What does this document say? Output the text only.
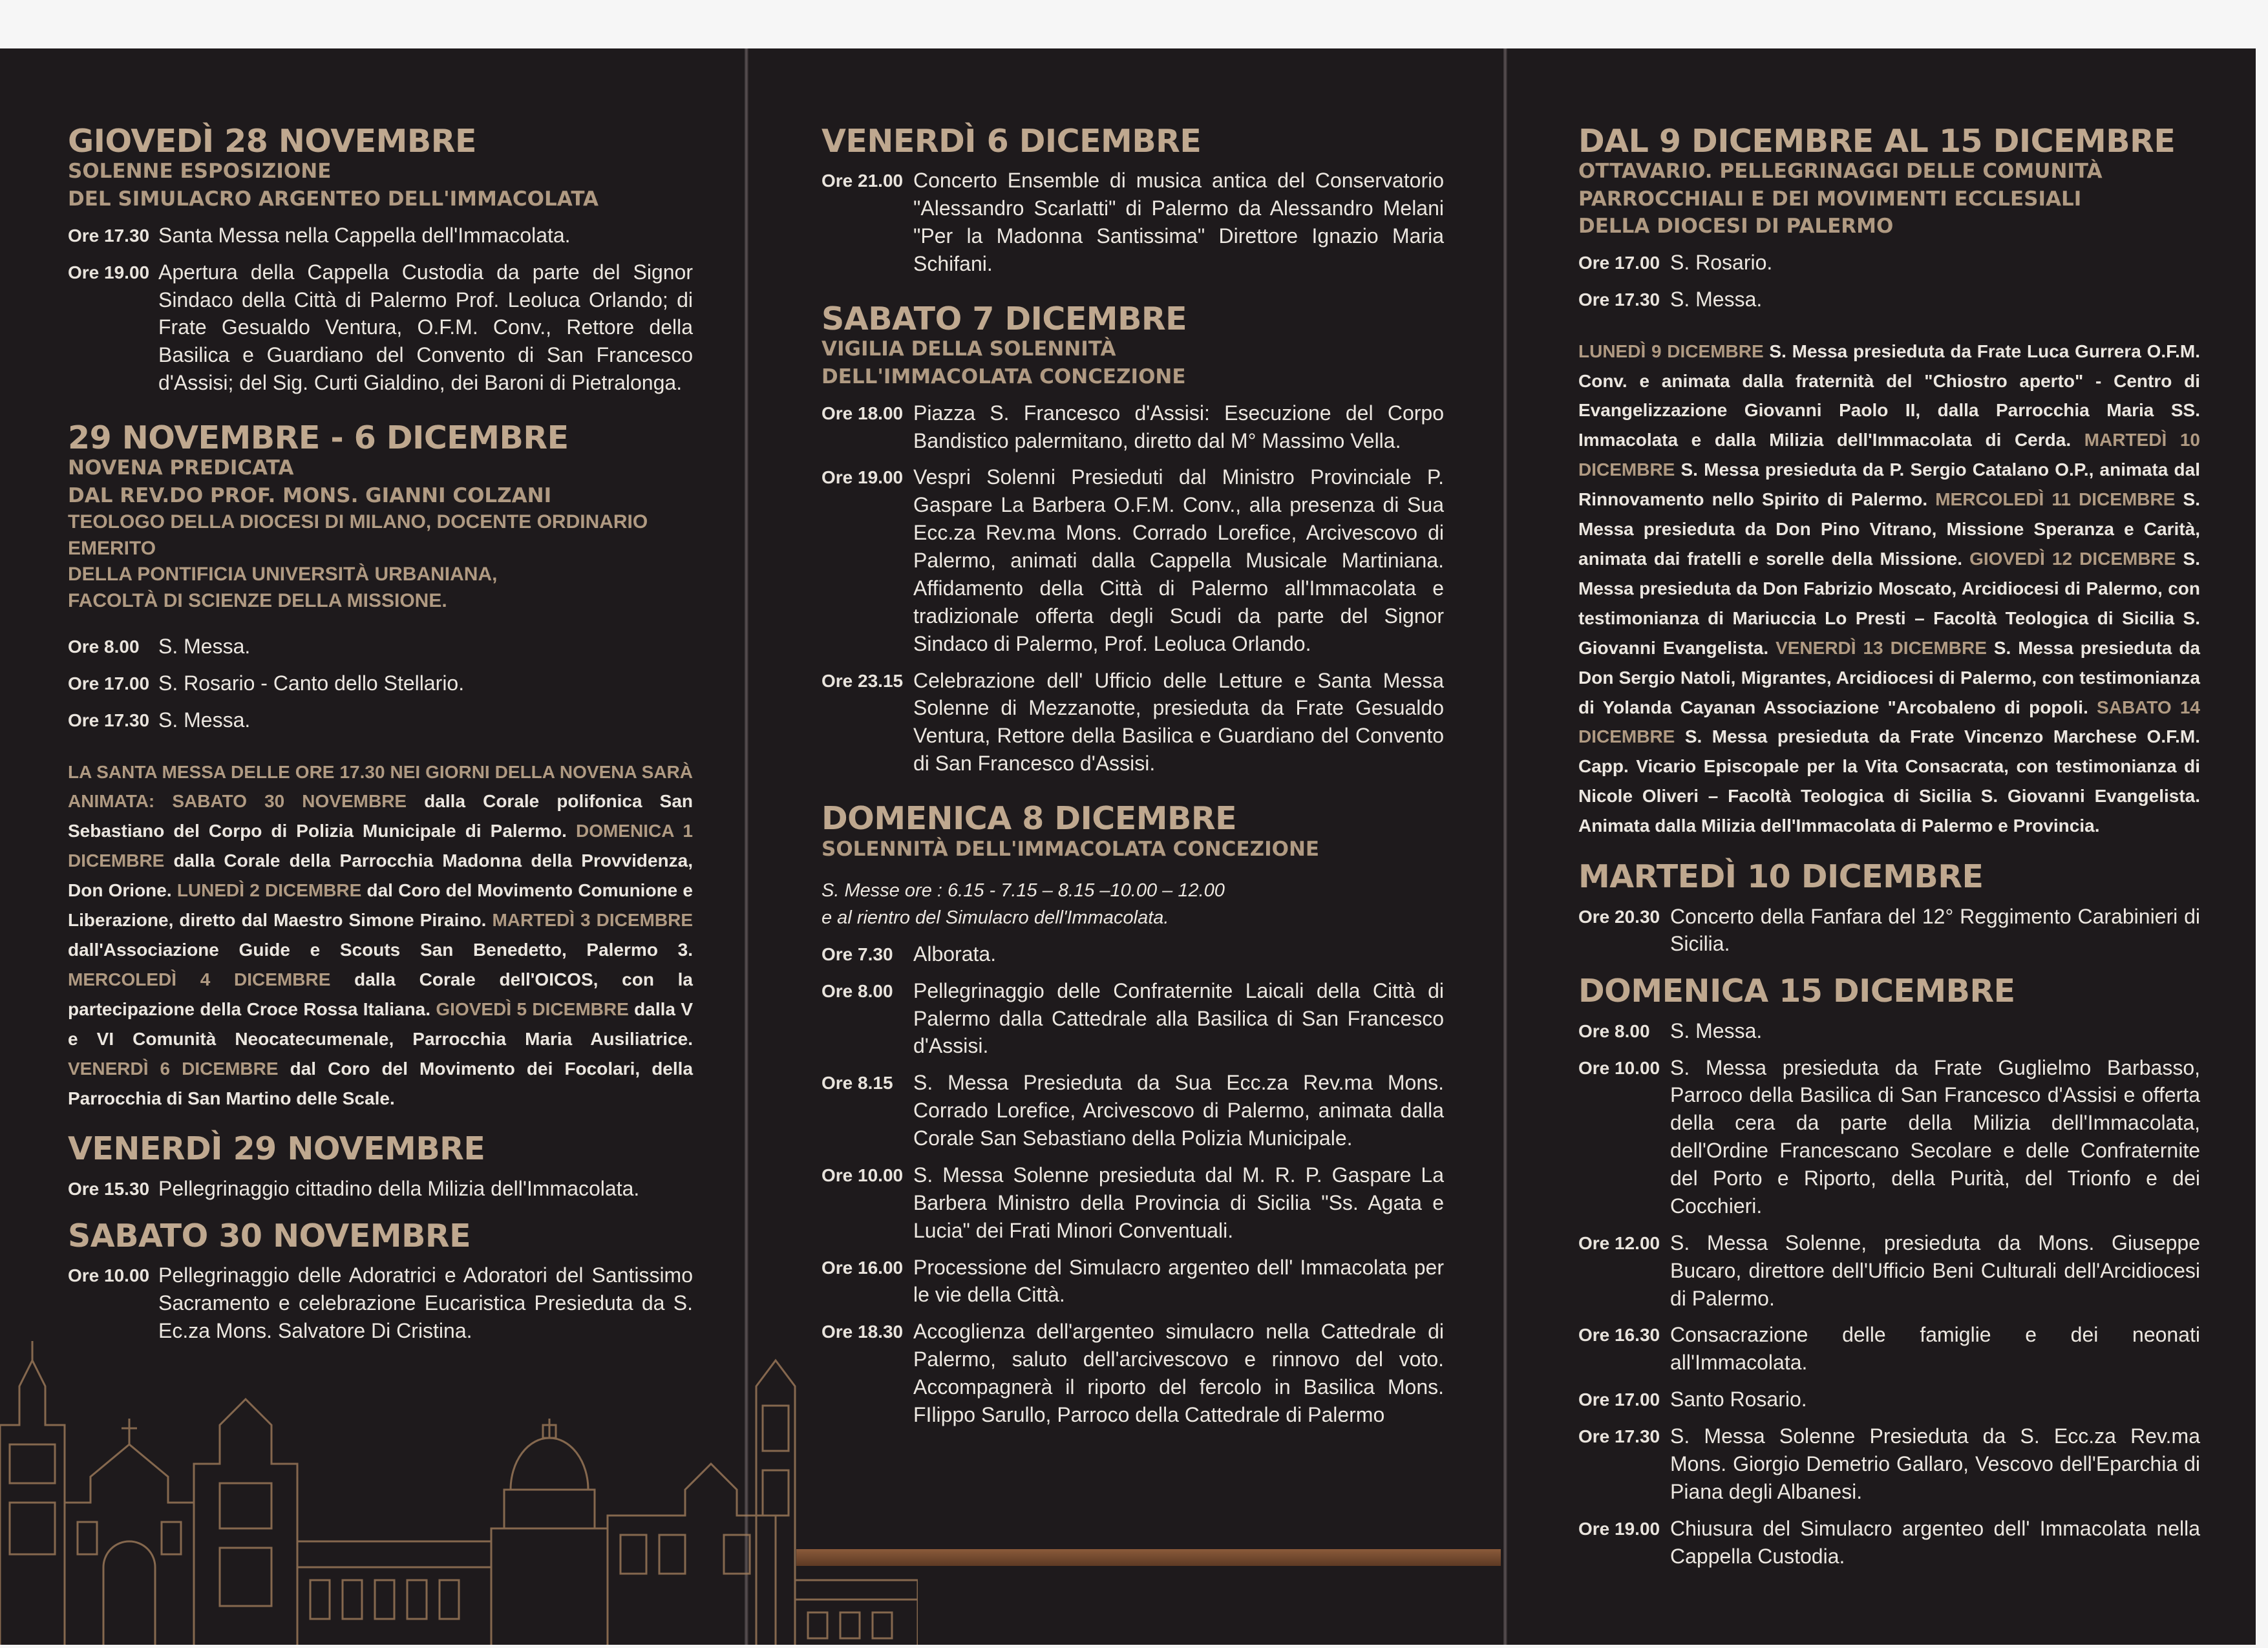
GIOVEDÌ 28 NOVEMBRE

SOLENNE ESPOSIZIONE

DEL SIMULACRO ARGENTEO DELL'IMMACOLATA

Ore 17.30 Santa Messa nella Cappella dell'Immacolata.
Ore 19.00 Apertura della Cappella Custodia da parte del Signor Sindaco della Città di Palermo Prof. Leoluca Orlando; di Frate Gesualdo Ventura, O.F.M. Conv., Rettore della Basilica e Guardiano del Convento di San Francesco d'Assisi; del Sig. Curti Gialdino, dei Baroni di Pietralonga.
29 NOVEMBRE - 6 DICEMBRE

NOVENA PREDICATA

DAL REV.DO PROF. MONS. GIANNI COLZANI

TEOLOGO DELLA DIOCESI DI MILANO, DOCENTE ORDINARIO EMERITO

DELLA PONTIFICIA UNIVERSITÀ URBANIANA,

FACOLTÀ DI SCIENZE DELLA MISSIONE.

Ore 8.00 S. Messa.
Ore 17.00 S. Rosario - Canto dello Stellario.
Ore 17.30 S. Messa.
LA SANTA MESSA DELLE ORE 17.30 NEI GIORNI DELLA NOVENA SARÀ ANIMATA: SABATO 30 NOVEMBRE dalla Corale polifonica San Sebastiano del Corpo di Polizia Municipale di Palermo. DOMENICA 1 DICEMBRE dalla Corale della Parrocchia Madonna della Provvidenza, Don Orione. LUNEDÌ 2 DICEMBRE dal Coro del Movimento Comunione e Liberazione, diretto dal Maestro Simone Piraino. MARTEDÌ 3 DICEMBRE dall'Associazione Guide e Scouts San Benedetto, Palermo 3. MERCOLEDÌ 4 DICEMBRE dalla Corale dell'OICOS, con la partecipazione della Croce Rossa Italiana. GIOVEDÌ 5 DICEMBRE dalla V e VI Comunità Neocatecumenale, Parrocchia Maria Ausiliatrice. VENERDÌ 6 DICEMBRE dal Coro del Movimento dei Focolari, della Parrocchia di San Martino delle Scale.
VENERDÌ 29 NOVEMBRE
Ore 15.30 Pellegrinaggio cittadino della Milizia dell'Immacolata.
SABATO 30 NOVEMBRE
Ore 10.00 Pellegrinaggio delle Adoratrici e Adoratori del Santissimo Sacramento e celebrazione Eucaristica Presieduta da S. Ec.za Mons. Salvatore Di Cristina.
VENERDÌ 6 DICEMBRE
Ore 21.00 Concerto Ensemble di musica antica del Conservatorio "Alessandro Scarlatti" di Palermo da Alessandro Melani "Per la Madonna Santissima" Direttore Ignazio Maria Schifani.
SABATO 7 DICEMBRE

VIGILIA DELLA SOLENNITÀ

DELL'IMMACOLATA CONCEZIONE

Ore 18.00 Piazza S. Francesco d'Assisi: Esecuzione del Corpo Bandistico palermitano, diretto dal M° Massimo Vella.
Ore 19.00 Vespri Solenni Presieduti dal Ministro Provinciale P. Gaspare La Barbera O.F.M. Conv., alla presenza di Sua Ecc.za Rev.ma Mons. Corrado Lorefice, Arcivescovo di Palermo, animati dalla Cappella Musicale Martiniana. Affidamento della Città di Palermo all'Immacolata e tradizionale offerta degli Scudi da parte del Signor Sindaco di Palermo, Prof. Leoluca Orlando.
Ore 23.15 Celebrazione dell' Ufficio delle Letture e Santa Messa Solenne di Mezzanotte, presieduta da Frate Gesualdo Ventura, Rettore della Basilica e Guardiano del Convento di San Francesco d'Assisi.
DOMENICA 8 DICEMBRE

SOLENNITÀ DELL'IMMACOLATA CONCEZIONE

S. Messe ore : 6.15 - 7.15 – 8.15 –10.00 – 12.00
e al rientro del Simulacro dell'Immacolata.
Ore 7.30 Alborata.
Ore 8.00 Pellegrinaggio delle Confraternite Laicali della Città di Palermo dalla Cattedrale alla Basilica di San Francesco d'Assisi.
Ore 8.15 S. Messa Presieduta da Sua Ecc.za Rev.ma Mons. Corrado Lorefice, Arcivescovo di Palermo, animata dalla Corale San Sebastiano della Polizia Municipale.
Ore 10.00 S. Messa Solenne presieduta dal M. R. P. Gaspare La Barbera Ministro della Provincia di Sicilia "Ss. Agata e Lucia" dei Frati Minori Conventuali.
Ore 16.00 Processione del Simulacro argenteo dell' Immacolata per le vie della Città.
Ore 18.30 Accoglienza dell'argenteo simulacro nella Cattedrale di Palermo, saluto dell'arcivescovo e rinnovo del voto. Accompagnerà il riporto del fercolo in Basilica Mons. FIlippo Sarullo, Parroco della Cattedrale di Palermo
DAL 9 DICEMBRE AL 15 DICEMBRE

OTTAVARIO. PELLEGRINAGGI DELLE COMUNITÀ

PARROCCHIALI E DEI MOVIMENTI ECCLESIALI

DELLA DIOCESI DI PALERMO

Ore 17.00 S. Rosario.
Ore 17.30 S. Messa.
LUNEDÌ 9 DICEMBRE S. Messa presieduta da Frate Luca Gurrera O.F.M. Conv. e animata dalla fraternità del "Chiostro aperto" - Centro di Evangelizzazione Giovanni Paolo II, dalla Parrocchia Maria SS. Immacolata e dalla Milizia dell'Immacolata di Cerda. MARTEDÌ 10 DICEMBRE S. Messa presieduta da P. Sergio Catalano O.P., animata dal Rinnovamento nello Spirito di Palermo. MERCOLEDÌ 11 DICEMBRE S. Messa presieduta da Don Pino Vitrano, Missione Speranza e Carità, animata dai fratelli e sorelle della Missione. GIOVEDÌ 12 DICEMBRE S. Messa presieduta da Don Fabrizio Moscato, Arcidiocesi di Palermo, con testimonianza di Mariuccia Lo Presti – Facoltà Teologica di Sicilia S. Giovanni Evangelista. VENERDÌ 13 DICEMBRE S. Messa presieduta da Don Sergio Natoli, Migrantes, Arcidiocesi di Palermo, con testimonianza di Yolanda Cayanan Associazione "Arcobaleno di popoli. SABATO 14 DICEMBRE S. Messa presieduta da Frate Vincenzo Marchese O.F.M. Capp. Vicario Episcopale per la Vita Consacrata, con testimonianza di Nicole Oliveri – Facoltà Teologica di Sicilia S. Giovanni Evangelista. Animata dalla Milizia dell'Immacolata di Palermo e Provincia.
MARTEDÌ 10 DICEMBRE
Ore 20.30 Concerto della Fanfara del 12° Reggimento Carabinieri di Sicilia.
DOMENICA 15 DICEMBRE
Ore 8.00 S. Messa.
Ore 10.00 S. Messa presieduta da Frate Guglielmo Barbasso, Parroco della Basilica di San Francesco d'Assisi e offerta della cera da parte della Milizia dell'Immacolata, dell'Ordine Francescano Secolare e delle Confraternite del Porto e Riporto, della Purità, del Trionfo e dei Cocchieri.
Ore 12.00 S. Messa Solenne, presieduta da Mons. Giuseppe Bucaro, direttore dell'Ufficio Beni Culturali dell'Arcidiocesi di Palermo.
Ore 16.30 Consacrazione delle famiglie e dei neonati all'Immacolata.
Ore 17.00 Santo Rosario.
Ore 17.30 S. Messa Solenne Presieduta da S. Ecc.za Rev.ma Mons. Giorgio Demetrio Gallaro, Vescovo dell'Eparchia di Piana degli Albanesi.
Ore 19.00 Chiusura del Simulacro argenteo dell' Immacolata nella Cappella Custodia.
